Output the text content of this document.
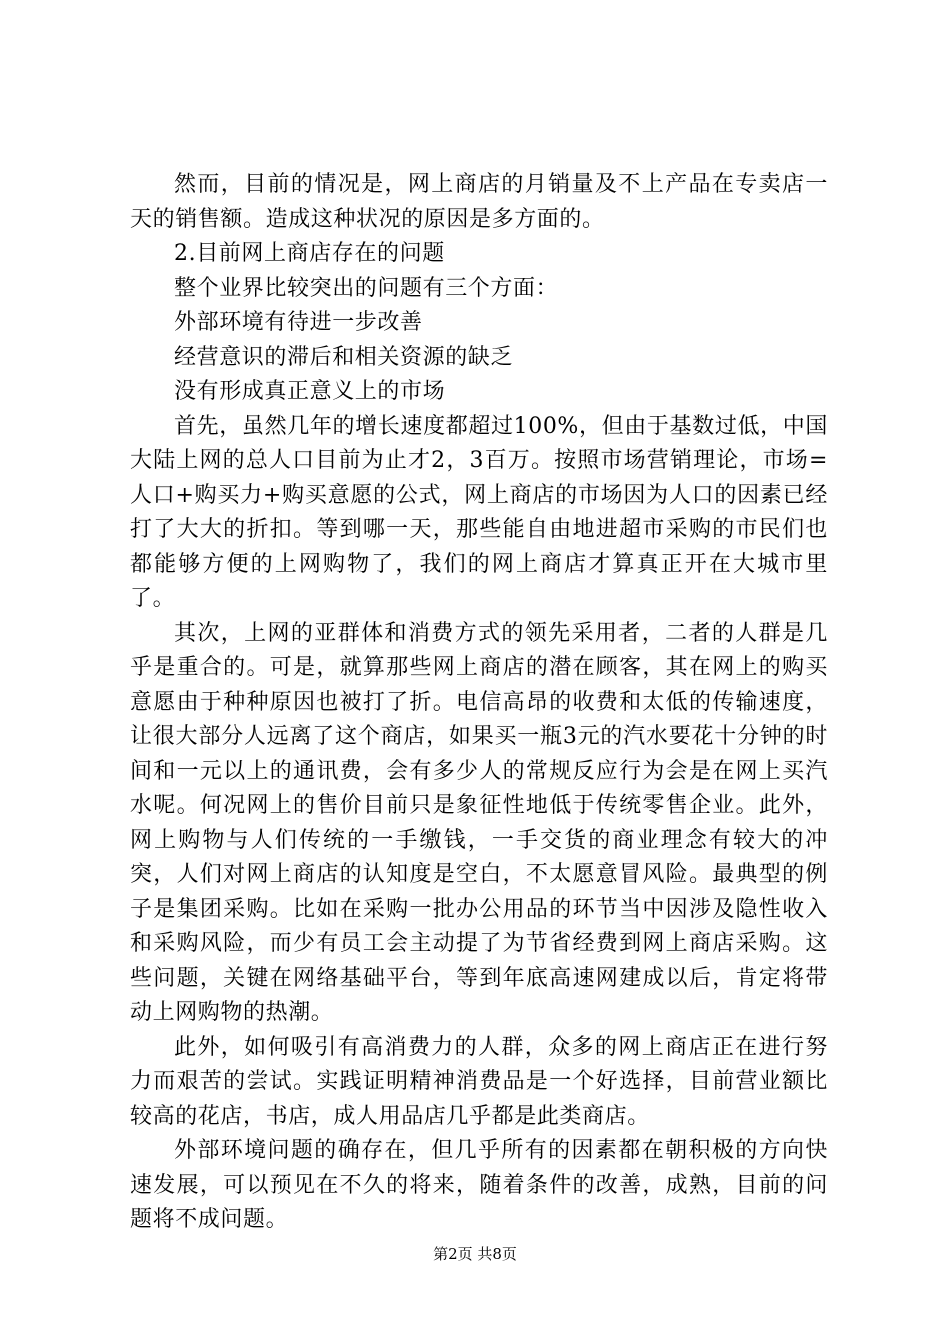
然而，目前的情况是，网上商店的月销量及不上产品在专卖店一天的销售额。造成这种状况的原因是多方面的。

2.目前网上商店存在的问题

整个业界比较突出的问题有三个方面：

外部环境有待进一步改善

经营意识的滞后和相关资源的缺乏

没有形成真正意义上的市场

首先，虽然几年的增长速度都超过100%，但由于基数过低，中国大陆上网的总人口目前为止才2，3百万。按照市场营销理论，市场=人口+购买力+购买意愿的公式，网上商店的市场因为人口的因素已经打了大大的折扣。等到哪一天，那些能自由地进超市采购的市民们也都能够方便的上网购物了，我们的网上商店才算真正开在大城市里了。

其次，上网的亚群体和消费方式的领先采用者，二者的人群是几乎是重合的。可是，就算那些网上商店的潜在顾客，其在网上的购买意愿由于种种原因也被打了折。电信高昂的收费和太低的传输速度，让很大部分人远离了这个商店，如果买一瓶3元的汽水要花十分钟的时间和一元以上的通讯费，会有多少人的常规反应行为会是在网上买汽水呢。何况网上的售价目前只是象征性地低于传统零售企业。此外，网上购物与人们传统的一手缴钱，一手交货的商业理念有较大的冲突，人们对网上商店的认知度是空白，不太愿意冒风险。最典型的例子是集团采购。比如在采购一批办公用品的环节当中因涉及隐性收入和采购风险，而少有员工会主动提了为节省经费到网上商店采购。这些问题，关键在网络基础平台，等到年底高速网建成以后，肯定将带动上网购物的热潮。

此外，如何吸引有高消费力的人群，众多的网上商店正在进行努力而艰苦的尝试。实践证明精神消费品是一个好选择，目前营业额比较高的花店，书店，成人用品店几乎都是此类商店。

外部环境问题的确存在，但几乎所有的因素都在朝积极的方向快速发展，可以预见在不久的将来，随着条件的改善，成熟，目前的问题将不成问题。

第2页 共8页
